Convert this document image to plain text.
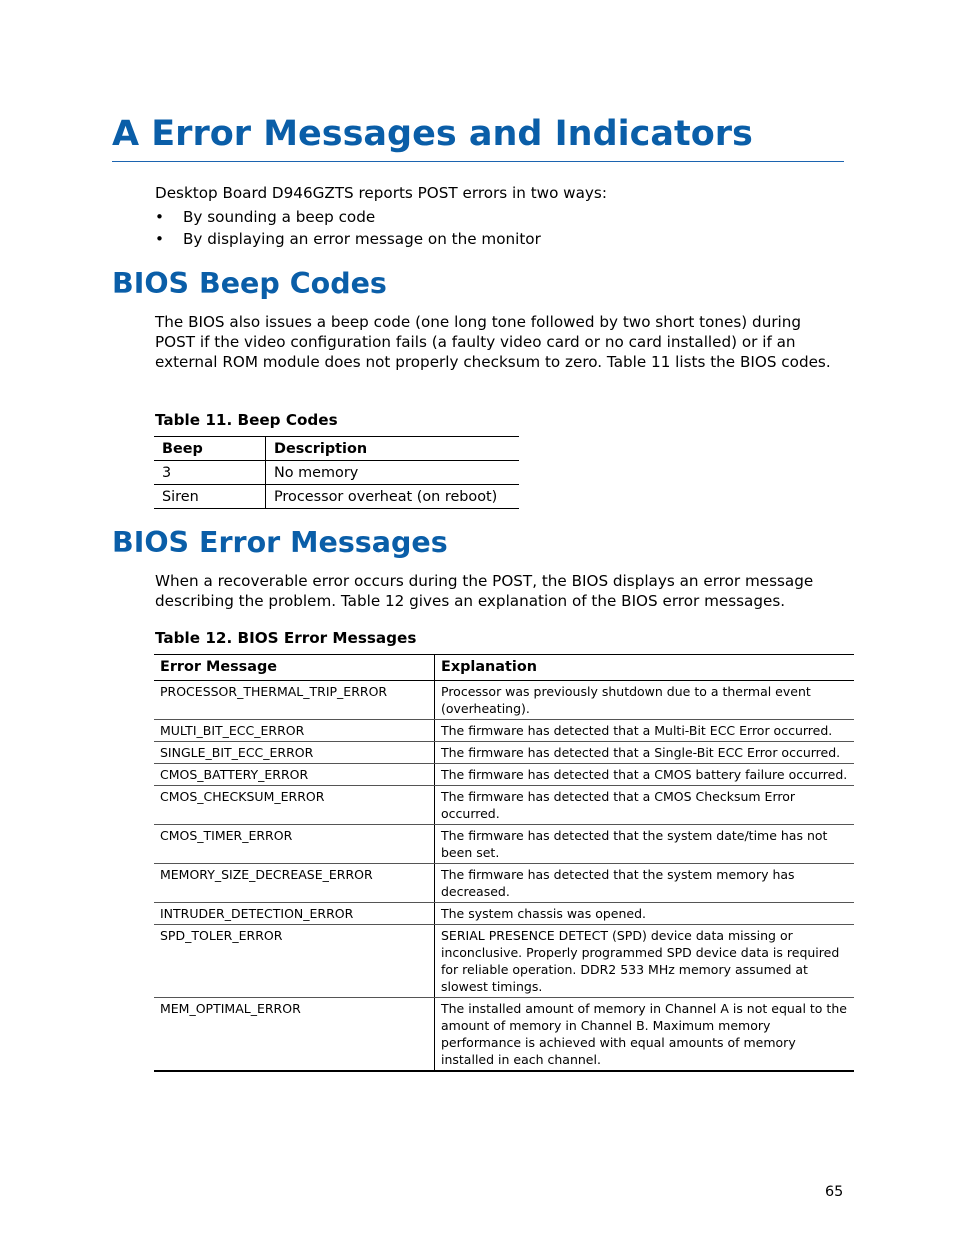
A Error Messages and Indicators

Desktop Board D946GZTS reports POST errors in two ways:

• By sounding a beep code
• By displaying an error message on the monitor
BIOS Beep Codes

The BIOS also issues a beep code (one long tone followed by two short tones) during POST if the video configuration fails (a faulty video card or no card installed) or if an external ROM module does not properly checksum to zero. Table 11 lists the BIOS codes.

Table 11. Beep Codes
Beep	Description
3	No memory
Siren	Processor overheat (on reboot)
BIOS Error Messages

When a recoverable error occurs during the POST, the BIOS displays an error message describing the problem. Table 12 gives an explanation of the BIOS error messages.

Table 12. BIOS Error Messages
Error Message	Explanation
PROCESSOR_THERMAL_TRIP_ERROR	Processor was previously shutdown due to a thermal event (overheating).
MULTI_BIT_ECC_ERROR	The firmware has detected that a Multi-Bit ECC Error occurred.
SINGLE_BIT_ECC_ERROR	The firmware has detected that a Single-Bit ECC Error occurred.
CMOS_BATTERY_ERROR	The firmware has detected that a CMOS battery failure occurred.
CMOS_CHECKSUM_ERROR	The firmware has detected that a CMOS Checksum Error occurred.
CMOS_TIMER_ERROR	The firmware has detected that the system date/time has not been set.
MEMORY_SIZE_DECREASE_ERROR	The firmware has detected that the system memory has decreased.
INTRUDER_DETECTION_ERROR	The system chassis was opened.
SPD_TOLER_ERROR	SERIAL PRESENCE DETECT (SPD) device data missing or inconclusive. Properly programmed SPD device data is required for reliable operation. DDR2 533 MHz memory assumed at slowest timings.
MEM_OPTIMAL_ERROR	The installed amount of memory in Channel A is not equal to the amount of memory in Channel B. Maximum memory performance is achieved with equal amounts of memory installed in each channel.
65
